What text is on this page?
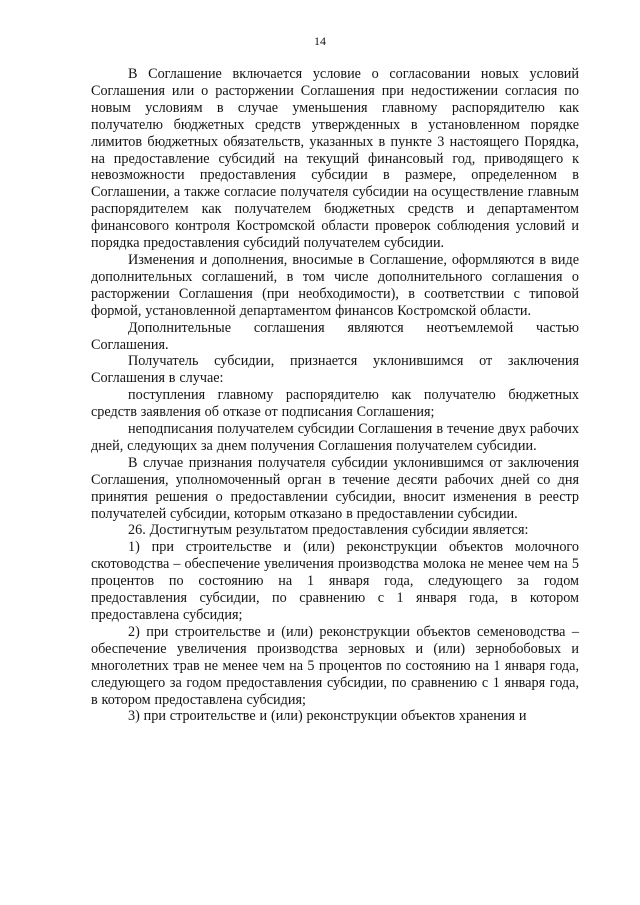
14

В Соглашение включается условие о согласовании новых условий Соглашения или о расторжении Соглашения при недостижении согласия по новым условиям в случае уменьшения главному распорядителю как получателю бюджетных средств утвержденных в установленном порядке лимитов бюджетных обязательств, указанных в пункте 3 настоящего Порядка, на предоставление субсидий на текущий финансовый год, приводящего к невозможности предоставления субсидии в размере, определенном в Соглашении, а также согласие получателя субсидии на осуществление главным распорядителем как получателем бюджетных средств и департаментом финансового контроля Костромской области проверок соблюдения условий и порядка предоставления субсидий получателем субсидии.

Изменения и дополнения, вносимые в Соглашение, оформляются в виде дополнительных соглашений, в том числе дополнительного соглашения о расторжении Соглашения (при необходимости), в соответствии с типовой формой, установленной департаментом финансов Костромской области.

Дополнительные соглашения являются неотъемлемой частью Соглашения.

Получатель субсидии, признается уклонившимся от заключения Соглашения в случае:

поступления главному распорядителю как получателю бюджетных средств заявления об отказе от подписания Соглашения;

неподписания получателем субсидии Соглашения в течение двух рабочих дней, следующих за днем получения Соглашения получателем субсидии.

В случае признания получателя субсидии уклонившимся от заключения Соглашения, уполномоченный орган в течение десяти рабочих дней со дня принятия решения о предоставлении субсидии, вносит изменения в реестр получателей субсидии, которым отказано в предоставлении субсидии.

26. Достигнутым результатом предоставления субсидии является:

1) при строительстве и (или) реконструкции объектов молочного скотоводства – обеспечение увеличения производства молока не менее чем на 5 процентов по состоянию на 1 января года, следующего за годом предоставления субсидии, по сравнению с 1 января года, в котором предоставлена субсидия;

2) при строительстве и (или) реконструкции объектов семеноводства – обеспечение увеличения производства зерновых и (или) зернобобовых и многолетних трав не менее чем на 5 процентов по состоянию на 1 января года, следующего за годом предоставления субсидии, по сравнению с 1 января года, в котором предоставлена субсидия;

3) при строительстве и (или) реконструкции объектов хранения и
